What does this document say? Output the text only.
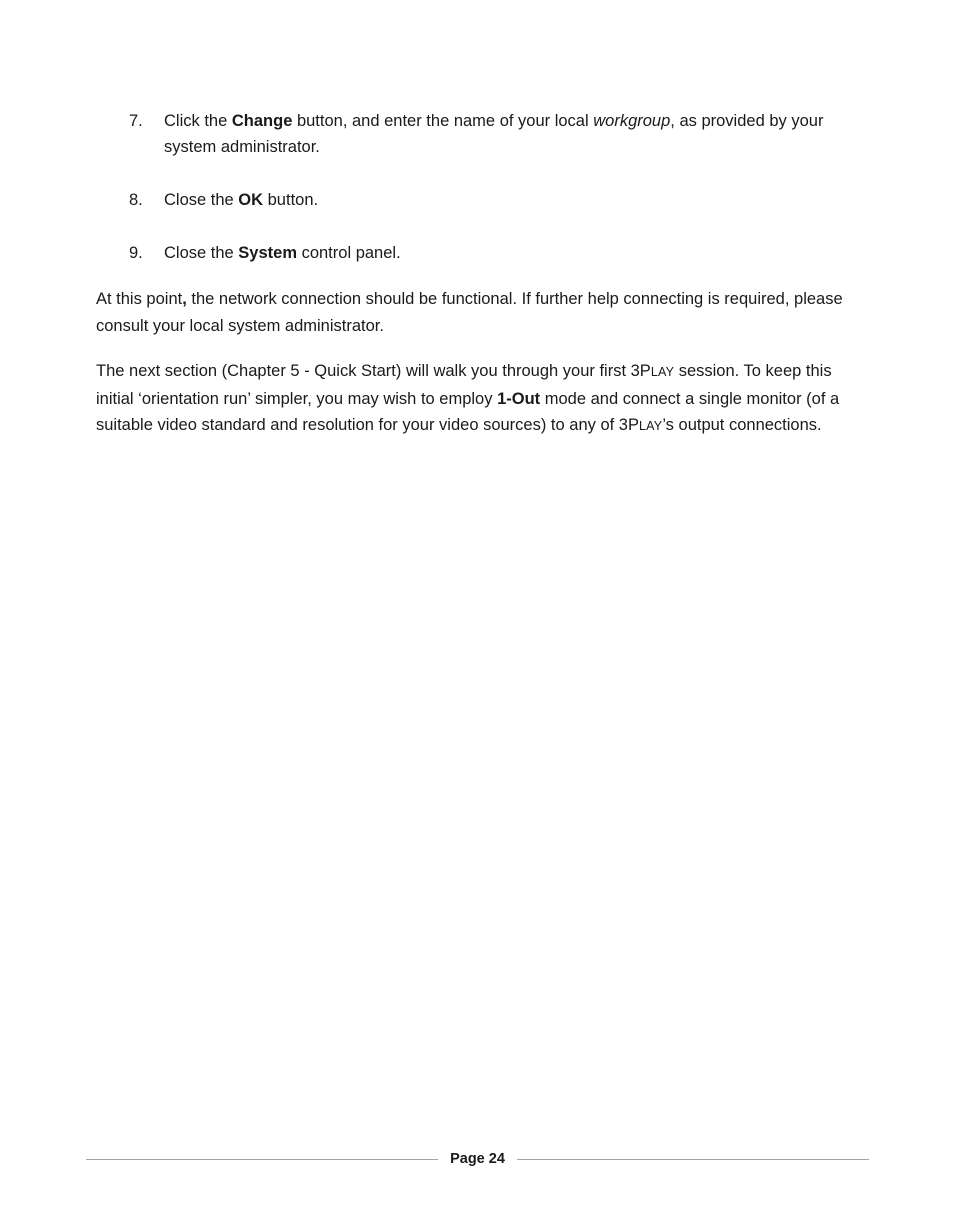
7. Click the Change button, and enter the name of your local workgroup, as provided by your system administrator.
8. Close the OK button.
9. Close the System control panel.

At this point, the network connection should be functional. If further help connecting is required, please consult your local system administrator.

The next section (Chapter 5 - Quick Start) will walk you through your first 3PLAY session. To keep this initial ‘orientation run’ simpler, you may wish to employ 1-Out mode and connect a single monitor (of a suitable video standard and resolution for your video sources) to any of 3PLAY’s output connections.

Page 24
